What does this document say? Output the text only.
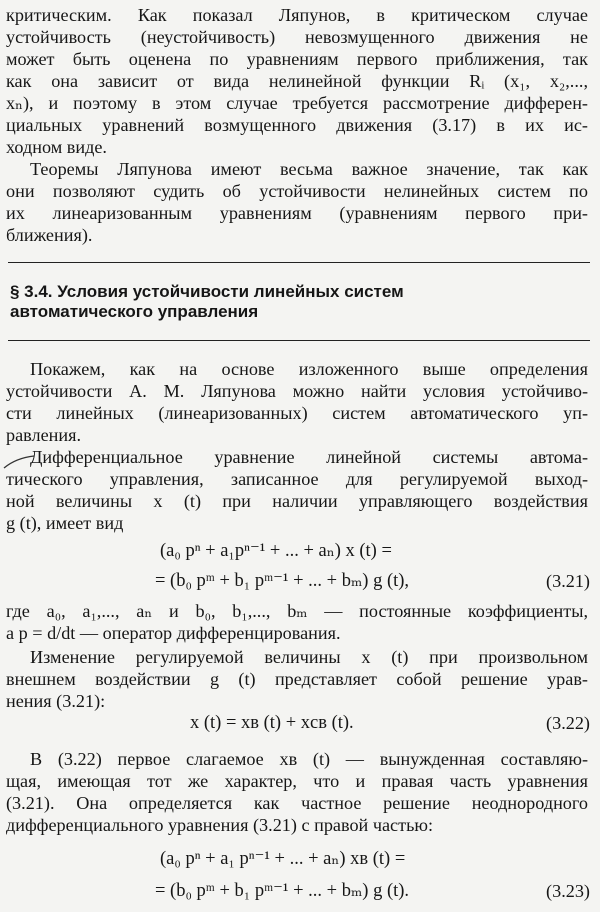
критическим. Как показал Ляпунов, в критическом случае
устойчивость (неустойчивость) невозмущенного движения не
может быть оценена по уравнениям первого приближения, так
как она зависит от вида нелинейной функции Rᵢ (x₁, x₂,...,
xₙ), и поэтому в этом случае требуется рассмотрение дифферен-
циальных уравнений возмущенного движения (3.17) в их ис-
ходном виде.
Теоремы Ляпунова имеют весьма важное значение, так как
они позволяют судить об устойчивости нелинейных систем по
их линеаризованным уравнениям (уравнениям первого при-
ближения).
§ 3.4. Условия устойчивости линейных систем
автоматического управления
Покажем, как на основе изложенного выше определения
устойчивости А. М. Ляпунова можно найти условия устойчиво-
сти линейных (линеаризованных) систем автоматического уп-
равления.
Дифференциальное уравнение линейной системы автома-
тического управления, записанное для регулируемой выход-
ной величины x (t) при наличии управляющего воздействия
g (t), имеет вид
(a₀ pⁿ + a₁pⁿ⁻¹ + ... + aₙ) x (t) =
= (b₀ pᵐ + b₁ pᵐ⁻¹ + ... + bₘ) g (t),	(3.21)
где a₀, a₁,..., aₙ и b₀, b₁,..., bₘ — постоянные коэффициенты,
а p = d/dt — оператор дифференцирования.
Изменение регулируемой величины x (t) при произвольном
внешнем воздействии g (t) представляет собой решение урав-
нения (3.21):
x (t) = xв (t) + xсв (t).	(3.22)
В (3.22) первое слагаемое xв (t) — вынужденная составляю-
щая, имеющая тот же характер, что и правая часть уравнения
(3.21). Она определяется как частное решение неоднородного
дифференциального уравнения (3.21) с правой частью:
(a₀ pⁿ + a₁ pⁿ⁻¹ + ... + aₙ) xв (t) =
= (b₀ pᵐ + b₁ pᵐ⁻¹ + ... + bₘ) g (t).	(3.23)
